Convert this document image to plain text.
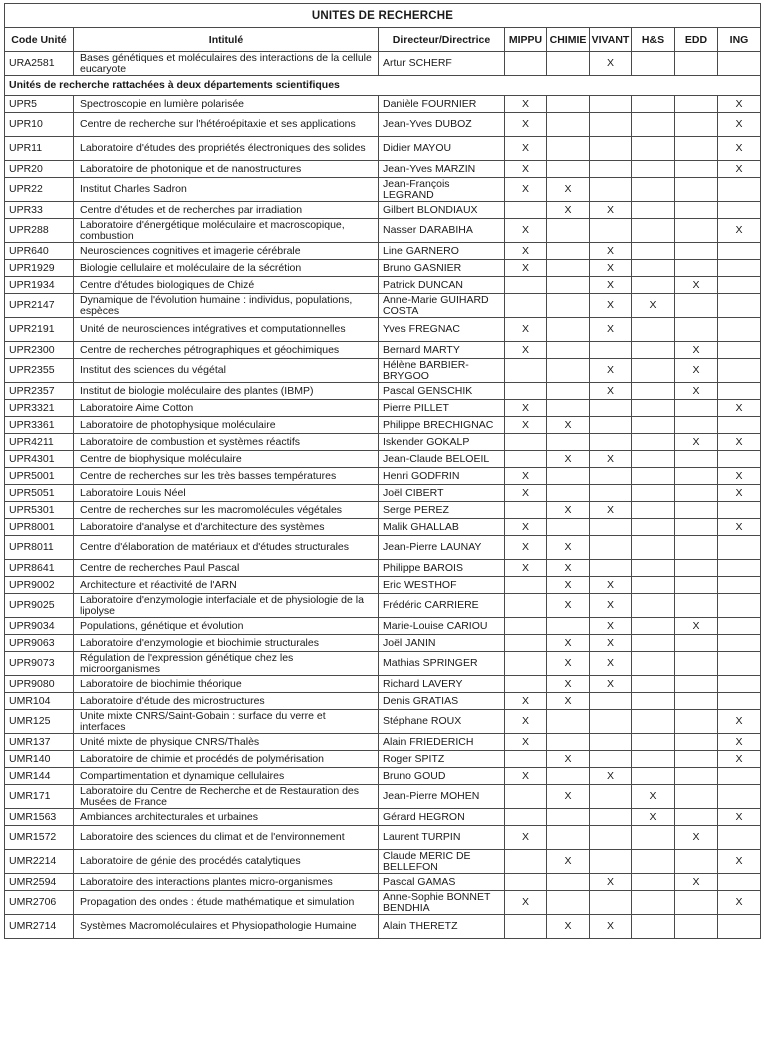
UNITES DE RECHERCHE								
Code Unité	Intitulé	Directeur/Directrice	MIPPU	CHIMIE	VIVANT	H&S	EDD	ING
URA2581	Bases génétiques et moléculaires des interactions de la cellule eucaryote	Artur SCHERF			X			
Unités de recherche rattachées à deux départements scientifiques								
UPR5	Spectroscopie en lumière polarisée	Danièle FOURNIER	X					X
UPR10	Centre de recherche sur l'hétéroépitaxie et ses applications	Jean-Yves DUBOZ	X					X
UPR11	Laboratoire d'études des propriétés électroniques des solides	Didier MAYOU	X					X
UPR20	Laboratoire de photonique et de nanostructures	Jean-Yves MARZIN	X					X
UPR22	Institut Charles Sadron	Jean-François LEGRAND	X	X				
UPR33	Centre d'études et de recherches par irradiation	Gilbert BLONDIAUX		X	X			
UPR288	Laboratoire d'énergétique moléculaire et macroscopique, combustion	Nasser DARABIHA	X					X
UPR640	Neurosciences cognitives et imagerie cérébrale	Line GARNERO	X		X			
UPR1929	Biologie cellulaire et moléculaire de la sécrétion	Bruno GASNIER	X		X			
UPR1934	Centre d'études biologiques de Chizé	Patrick DUNCAN			X		X	
UPR2147	Dynamique de l'évolution humaine : individus, populations, espèces	Anne-Marie GUIHARD COSTA			X	X		
UPR2191	Unité de neurosciences intégratives et computationnelles	Yves FREGNAC	X		X			
UPR2300	Centre de recherches pétrographiques et géochimiques	Bernard MARTY	X				X	
UPR2355	Institut des sciences du végétal	Hélène BARBIER-BRYGOO			X		X	
UPR2357	Institut de biologie moléculaire des plantes (IBMP)	Pascal GENSCHIK			X		X	
UPR3321	Laboratoire Aime Cotton	Pierre PILLET	X					X
UPR3361	Laboratoire de photophysique moléculaire	Philippe BRECHIGNAC	X	X				
UPR4211	Laboratoire de combustion et systèmes réactifs	Iskender GOKALP					X	X
UPR4301	Centre de biophysique moléculaire	Jean-Claude BELOEIL		X	X			
UPR5001	Centre de recherches sur les très basses températures	Henri GODFRIN	X					X
UPR5051	Laboratoire Louis Néel	Joël CIBERT	X					X
UPR5301	Centre de recherches sur les macromolécules végétales	Serge PEREZ		X	X			
UPR8001	Laboratoire d'analyse et d'architecture des systèmes	Malik GHALLAB	X					X
UPR8011	Centre d'élaboration de matériaux et d'études structurales	Jean-Pierre LAUNAY	X	X				
UPR8641	Centre de recherches Paul Pascal	Philippe BAROIS	X	X				
UPR9002	Architecture et réactivité de l'ARN	Eric WESTHOF		X	X			
UPR9025	Laboratoire d'enzymologie interfaciale et de physiologie de la lipolyse	Frédéric CARRIERE		X	X			
UPR9034	Populations, génétique et évolution	Marie-Louise CARIOU			X		X	
UPR9063	Laboratoire d'enzymologie et biochimie structurales	Joël JANIN		X	X			
UPR9073	Régulation de l'expression génétique chez les microorganismes	Mathias SPRINGER		X	X			
UPR9080	Laboratoire de biochimie théorique	Richard LAVERY		X	X			
UMR104	Laboratoire d'étude des microstructures	Denis GRATIAS	X	X				
UMR125	Unite mixte CNRS/Saint-Gobain : surface du verre et interfaces	Stéphane ROUX	X					X
UMR137	Unité mixte de physique CNRS/Thalès	Alain FRIEDERICH	X					X
UMR140	Laboratoire de chimie et procédés de polymérisation	Roger SPITZ		X				X
UMR144	Compartimentation et dynamique cellulaires	Bruno GOUD	X		X			
UMR171	Laboratoire du Centre de Recherche et de Restauration des Musées de France	Jean-Pierre MOHEN		X		X		
UMR1563	Ambiances architecturales et urbaines	Gérard HEGRON				X		X
UMR1572	Laboratoire des sciences du climat et de l'environnement	Laurent TURPIN	X				X	
UMR2214	Laboratoire de génie des procédés catalytiques	Claude MERIC DE BELLEFON		X				X
UMR2594	Laboratoire des interactions plantes micro-organismes	Pascal GAMAS			X		X	
UMR2706	Propagation des ondes : étude mathématique et simulation	Anne-Sophie BONNET BENDHIA	X					X
UMR2714	Systèmes Macromoléculaires et Physiopathologie Humaine	Alain THERETZ		X	X			
